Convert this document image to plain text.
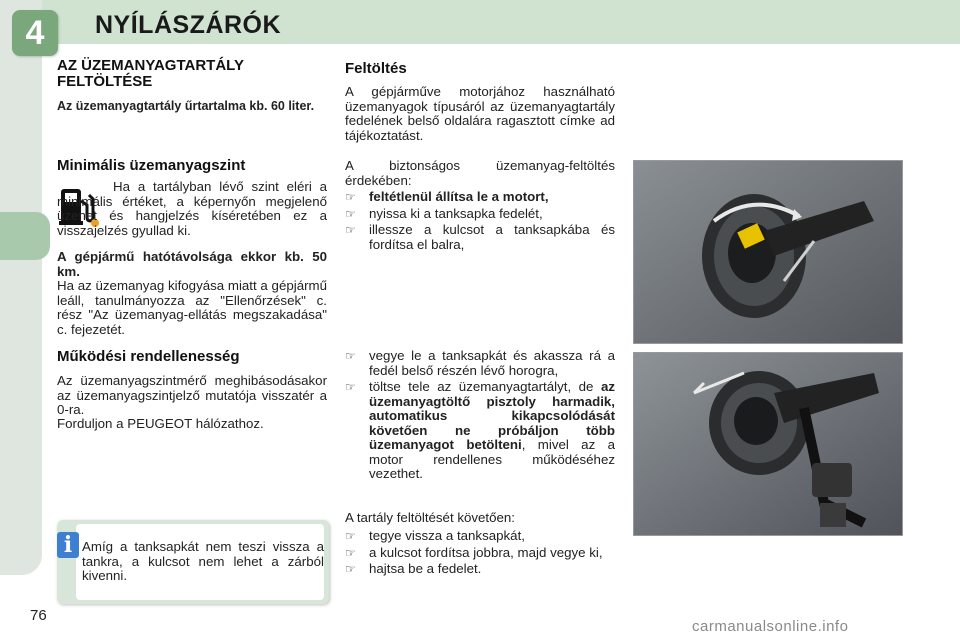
4	NYÍLÁSZÁRÓK
AZ ÜZEMANYAGTARTÁLY FELTÖLTÉSE

Az üzemanyagtartály űrtartalma kb. 60 liter.

Minimális üzemanyagszint

Ha a tartályban lévő szint eléri a minimális értéket, a képernyőn megjelenő üzenet és hangjelzés kíséretében ez a visszajelzés gyullad ki.

A gépjármű hatótávolsága ekkor kb. 50 km.

Ha az üzemanyag kifogyása miatt a gépjármű leáll, tanulmányozza az "Ellenőrzések" c. rész "Az üzemanyag-ellátás megszakadása" c. fejezetét.

Működési rendellenesség

Az üzemanyagszintmérő meghibásodásakor az üzemanyagszintjelző mutatója visszatér a 0-ra.

Forduljon a PEUGEOT hálózathoz.

i Amíg a tanksapkát nem teszi vissza a tankra, a kulcsot nem lehet a zárból kivenni.

Feltöltés

A gépjárműve motorjához használható üzemanyagok típusáról az üzemanyagtartály fedelének belső oldalára ragasztott címke ad tájékoztatást.

A biztonságos üzemanyag-feltöltés érdekében:

☞ feltétlenül állítsa le a motort,
☞ nyissa ki a tanksapka fedelét,
☞ illessze a kulcsot a tanksapkába és fordítsa el balra,
☞ vegye le a tanksapkát és akassza rá a fedél belső részén lévő horogra,
☞ töltse tele az üzemanyagtartályt, de az üzemanyagtöltő pisztoly harmadik, automatikus kikapcsolódását követően ne próbáljon több üzemanyagot betölteni, mivel az a motor rendellenes működéséhez vezethet.

A tartály feltöltését követően:

☞ tegye vissza a tanksapkát,
☞ a kulcsot fordítsa jobbra, majd vegye ki,
☞ hajtsa be a fedelet.
76
carmanualsonline.info
